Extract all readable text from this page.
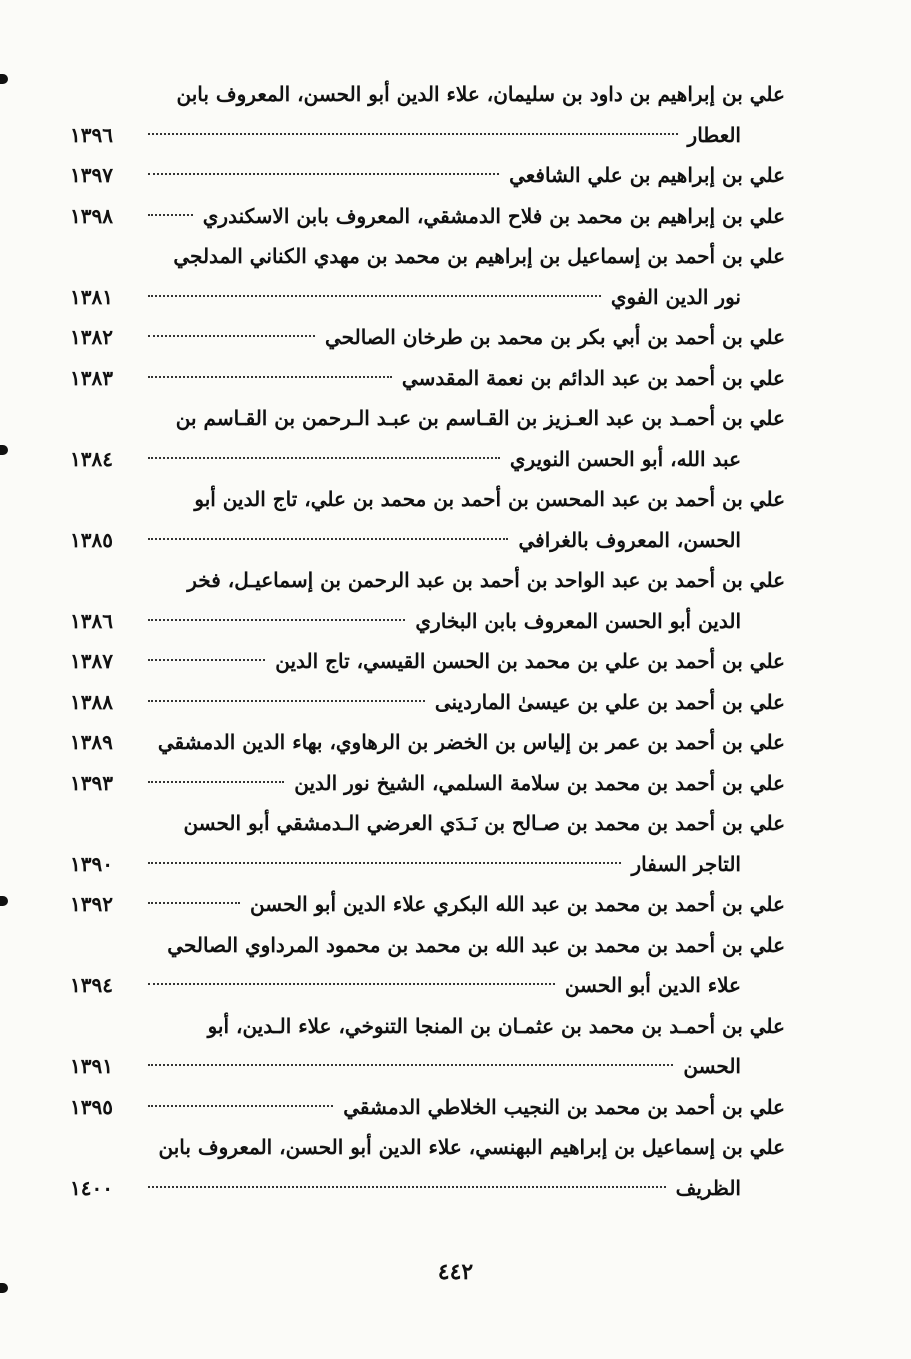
علي بن إبراهيم بن داود بن سليمان، علاء الدين أبو الحسن، المعروف بابن
العطار
١٣٩٦
علي بن إبراهيم بن علي الشافعي
١٣٩٧
علي بن إبراهيم بن محمد بن فلاح الدمشقي، المعروف بابن الاسكندري
١٣٩٨
علي بن أحمد بن إسماعيل بن إبراهيم بن محمد بن مهدي الكناني المدلجي
نور الدين الفوي
١٣٨١
علي بن أحمد بن أبي بكر بن محمد بن طرخان الصالحي
١٣٨٢
علي بن أحمد بن عبد الدائم بن نعمة المقدسي
١٣٨٣
علي بن أحمـد بن عبد العـزيز بن القـاسم بن عبـد الـرحمن بن القـاسم بن
عبد الله، أبو الحسن النويري
١٣٨٤
علي بن أحمد بن عبد المحسن بن أحمد بن محمد بن علي، تاج الدين أبو
الحسن، المعروف بالغرافي
١٣٨٥
علي بن أحمد بن عبد الواحد بن أحمد بن عبد الرحمن بن إسماعيـل، فخر
الدين أبو الحسن المعروف بابن البخاري
١٣٨٦
علي بن أحمد بن علي بن محمد بن الحسن القيسي، تاج الدين
١٣٨٧
علي بن أحمد بن علي بن عيسىٰ الماردينى
١٣٨٨
علي بن أحمد بن عمر بن إلياس بن الخضر بن الرهاوي، بهاء الدين الدمشقي
١٣٨٩
علي بن أحمد بن محمد بن سلامة السلمي، الشيخ نور الدين
١٣٩٣
علي بن أحمد بن محمد بن صـالح بن نَـدَي العرضي الـدمشقي أبو الحسن
التاجر السفار
١٣٩٠
علي بن أحمد بن محمد بن عبد الله البكري علاء الدين أبو الحسن
١٣٩٢
علي بن أحمد بن محمد بن عبد الله بن محمد بن محمود المرداوي الصالحي
علاء الدين أبو الحسن
١٣٩٤
علي بن أحمـد بن محمد بن عثمـان بن المنجا التنوخي، علاء الـدين، أبو
الحسن
١٣٩١
علي بن أحمد بن محمد بن النجيب الخلاطي الدمشقي
١٣٩٥
علي بن إسماعيل بن إبراهيم البهنسي، علاء الدين أبو الحسن، المعروف بابن
الظريف
١٤٠٠
٤٤٢
